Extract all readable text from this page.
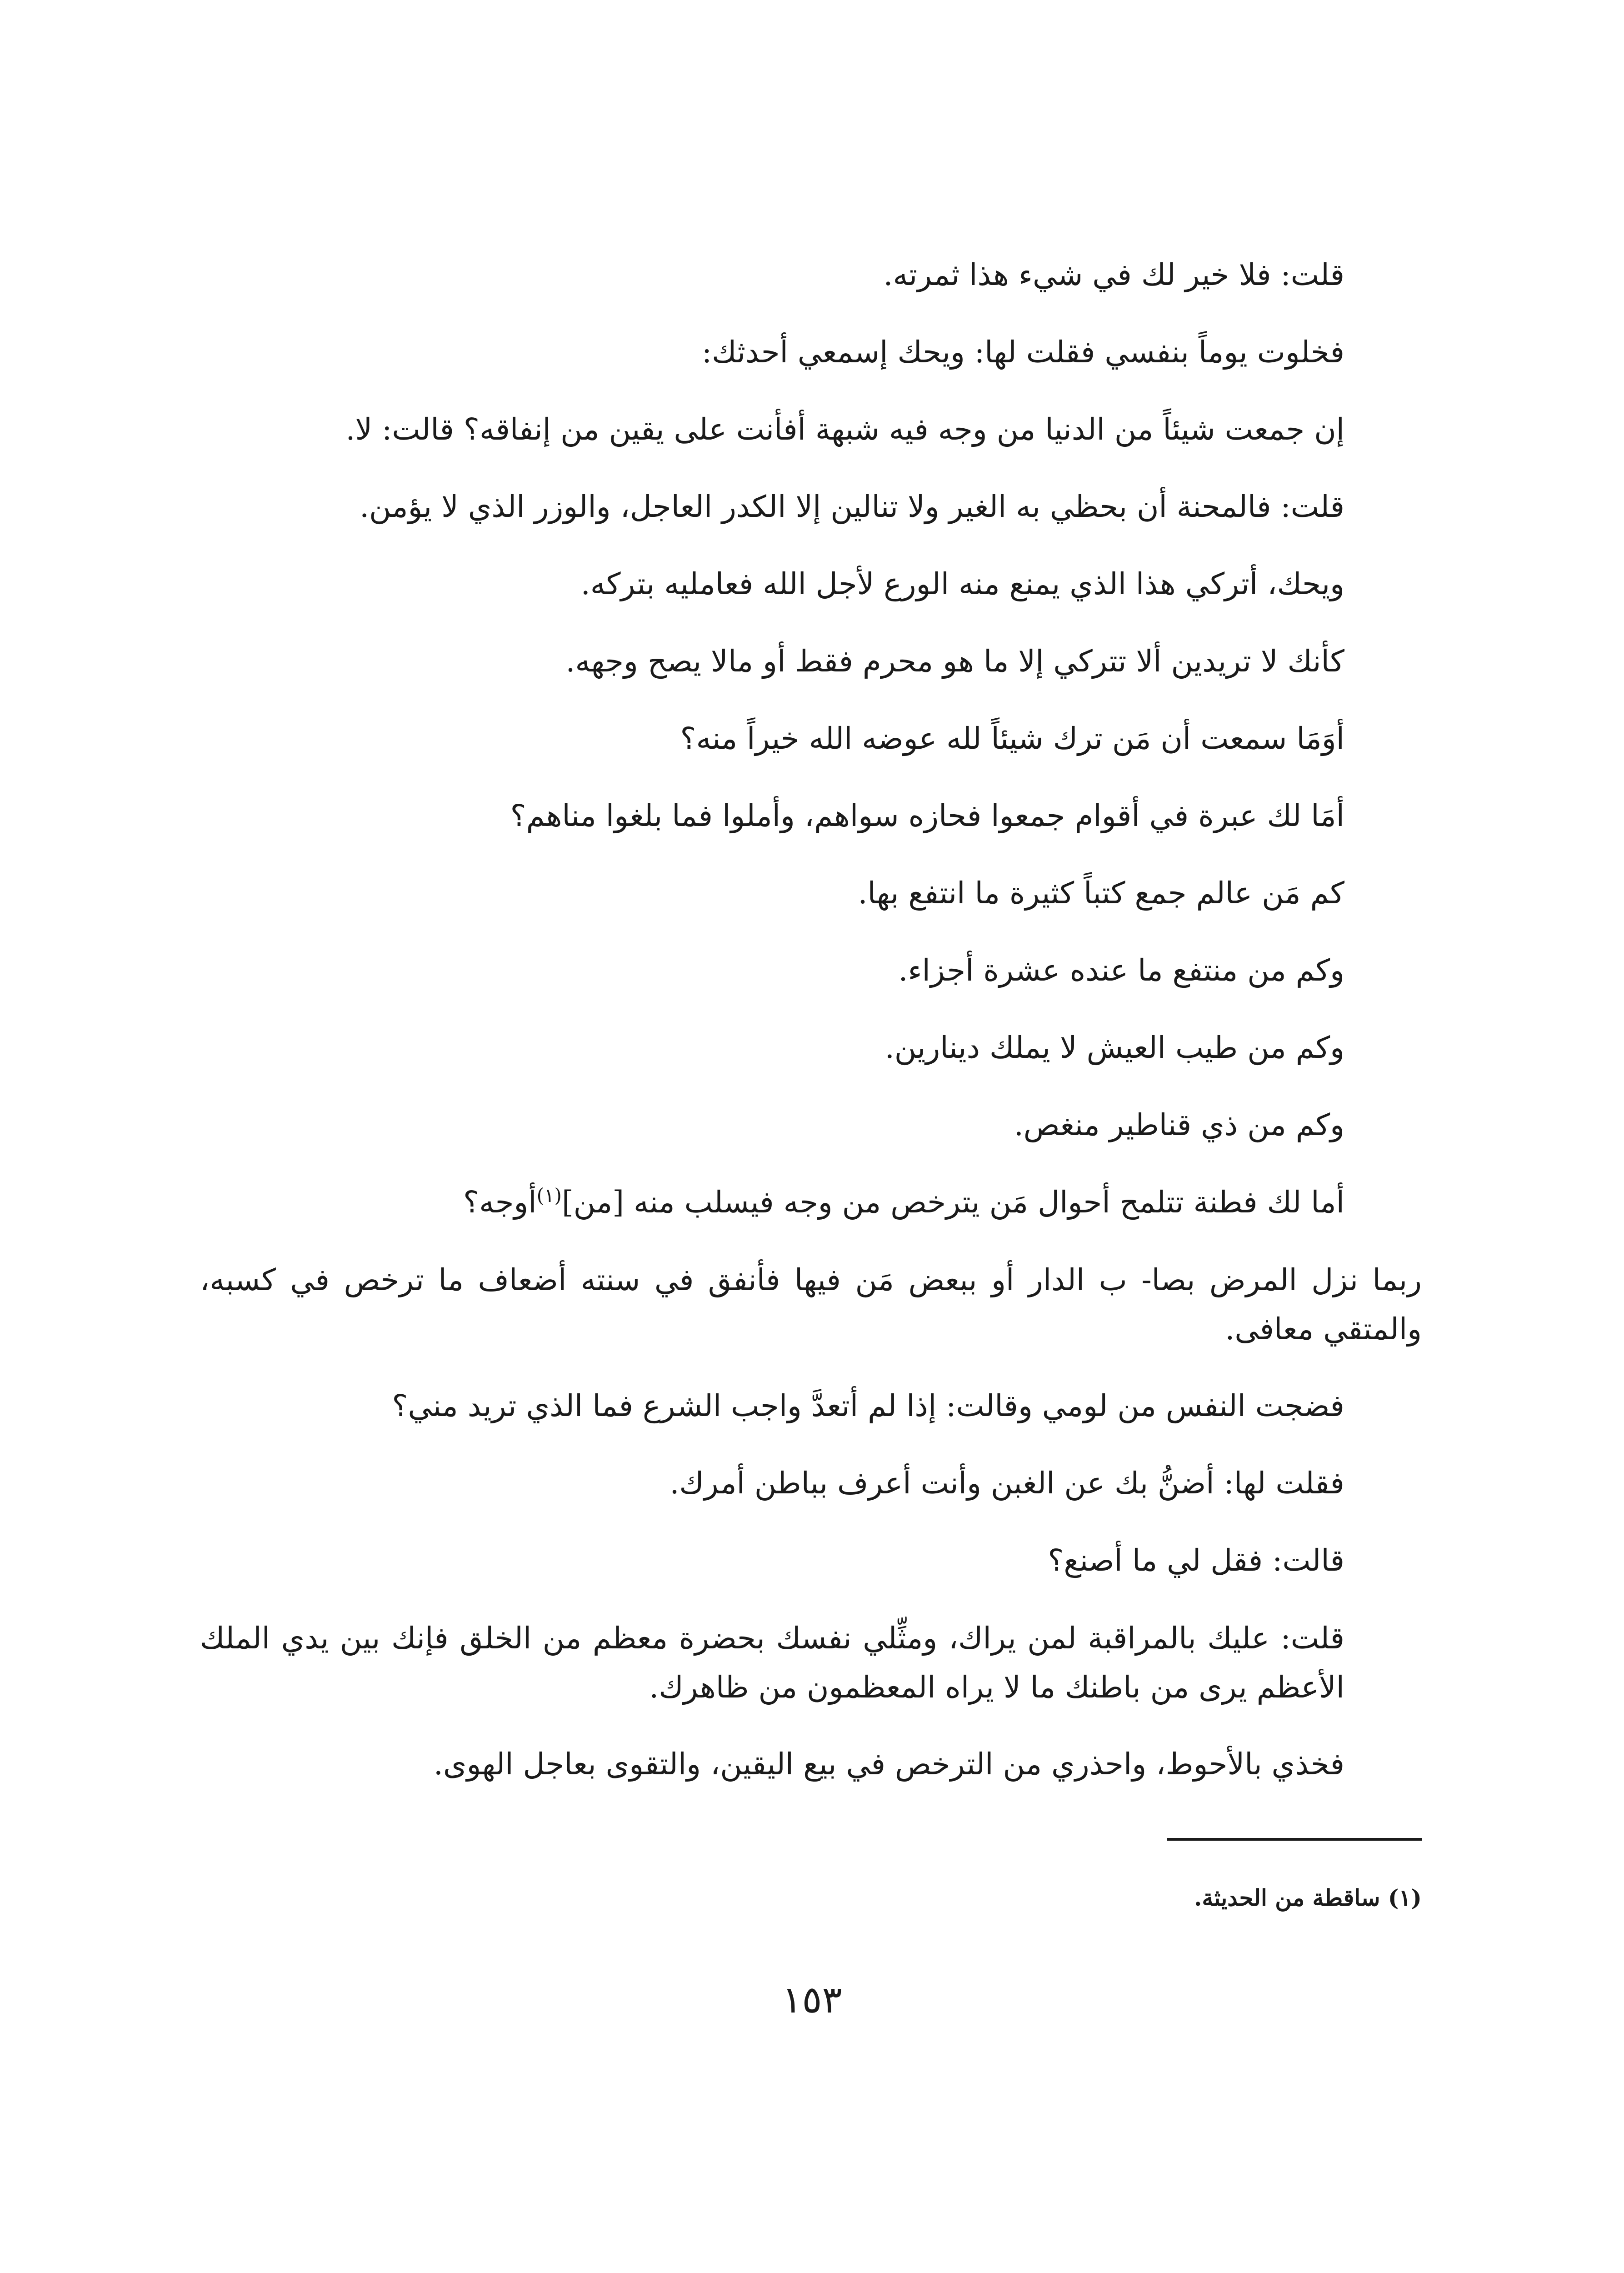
قلت: فلا خير لك في شيء هذا ثمرته.

فخلوت يوماً بنفسي فقلت لها: ويحك إسمعي أحدثك:

إن جمعت شيئاً من الدنيا من وجه فيه شبهة أفأنت على يقين من إنفاقه؟ قالت: لا.

قلت: فالمحنة أن بحظي به الغير ولا تنالين إلا الكدر العاجل، والوزر الذي لا يؤمن.

ويحك، أتركي هذا الذي يمنع منه الورع لأجل الله فعامليه بتركه.

كأنك لا تريدين ألا تتركي إلا ما هو محرم فقط أو مالا يصح وجهه.

أوَمَا سمعت أن مَن ترك شيئاً لله عوضه الله خيراً منه؟

أمَا لك عبرة في أقوام جمعوا فحازه سواهم، وأملوا فما بلغوا مناهم؟

كم مَن عالم جمع كتباً كثيرة ما انتفع بها.

وكم من منتفع ما عنده عشرة أجزاء.

وكم من طيب العيش لا يملك دينارين.

وكم من ذي قناطير منغص.

أما لك فطنة تتلمح أحوال مَن يترخص من وجه فيسلب منه [من]$^{(١)}$أوجه؟

ربما نزل المرض بصا- ب الدار أو ببعض مَن فيها فأنفق في سنته أضعاف ما ترخص في كسبه، والمتقي معافى.

فضجت النفس من لومي وقالت: إذا لم أتعدَّ واجب الشرع فما الذي تريد مني؟

فقلت لها: أضنُّ بك عن الغبن وأنت أعرف بباطن أمرك.

قالت: فقل لي ما أصنع؟

قلت: عليك بالمراقبة لمن يراك، ومثِّلي نفسك بحضرة معظم من الخلق فإنك بين يدي الملك الأعظم يرى من باطنك ما لا يراه المعظمون من ظاهرك.

فخذي بالأحوط، واحذري من الترخص في بيع اليقين، والتقوى بعاجل الهوى.

(١) ساقطة من الحديثة.
١٥٣
